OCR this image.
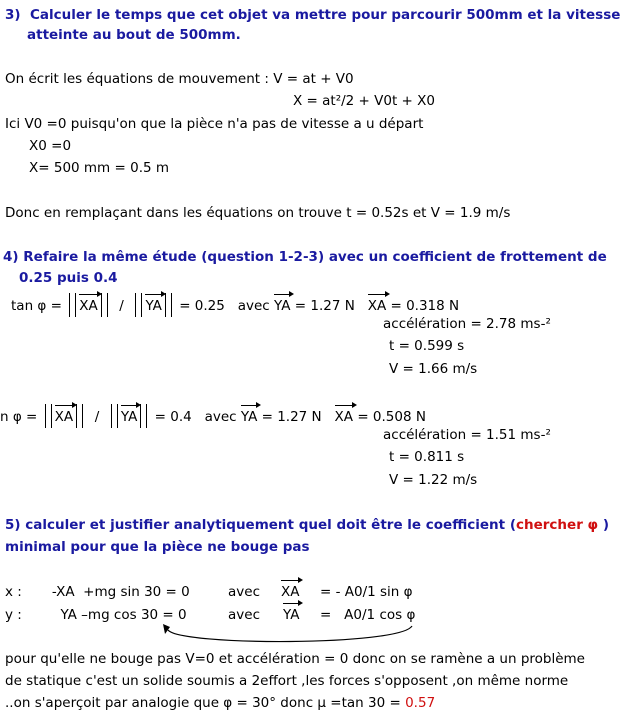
3)  Calculer le temps que cet objet va mettre pour parcourir 500mm et la vitesse
atteinte au bout de 500mm.
On écrit les équations de mouvement : V = at + V0
X = at²/2 + V0t + X0
Ici V0 =0 puisqu'on que la pièce n'a pas de vitesse a u départ
X0 =0
X= 500 mm = 0.5 m
Donc en remplaçant dans les équations on trouve t = 0.52s et V = 1.9 m/s
4) Refaire la même étude (question 1-2-3) avec un coefficient de frottement de
0.25 puis 0.4
tan φ = XA / YA = 0.25 avec YA = 1.27 N XA = 0.318 N
accélération = 2.78 ms-²
t = 0.599 s
V = 1.66 m/s
n φ = XA / YA = 0.4 avec YA = 1.27 N XA = 0.508 N
accélération = 1.51 ms-²
t = 0.811 s
V = 1.22 m/s
5) calculer et justifier analytiquement quel doit être le coefficient (chercher φ )
minimal pour que la pièce ne bouge pas
x :       -XA  +mg sin 30 = 0	avec XA = - A0/1 sin φ
y :         YA –mg cos 30 = 0	avec YA =   A0/1 cos φ
pour qu'elle ne bouge pas V=0 et accélération = 0 donc on se ramène a un problème
de statique c'est un solide soumis a 2effort ,les forces s'opposent ,on même norme
..on s'aperçoit par analogie que φ = 30° donc µ =tan 30 = 0.57
